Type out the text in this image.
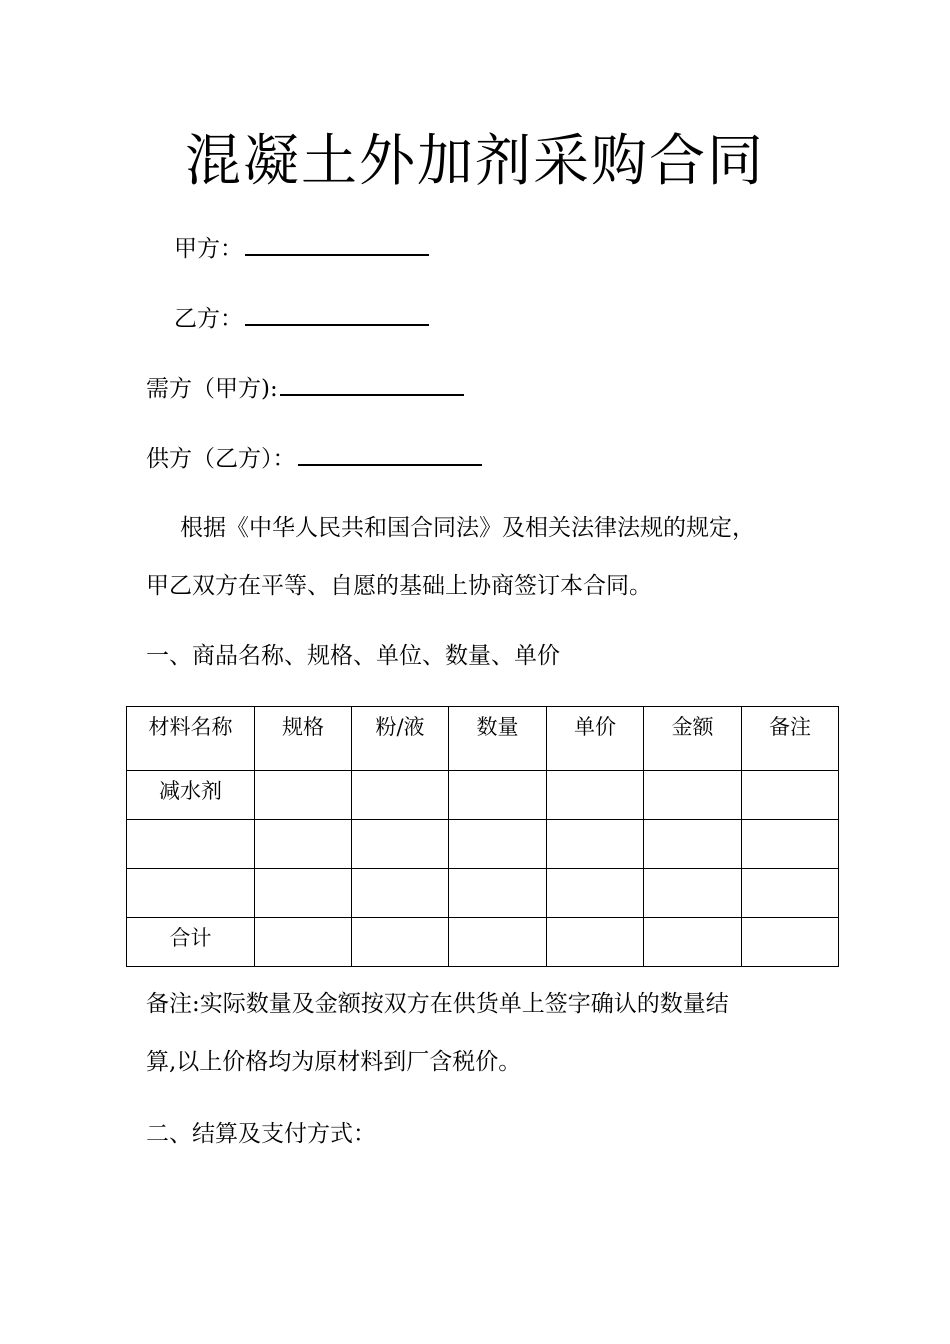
混凝土外加剂采购合同

甲方：

乙方：

需方（甲方):

供方（乙方）：

根据《中华人民共和国合同法》及相关法律法规的规定，

甲乙双方在平等、自愿的基础上协商签订本合同。

一、商品名称、规格、单位、数量、单价

材料名称	规格	粉/液	数量	单价	金额	备注
减水剂						

合计						

备注:实际数量及金额按双方在供货单上签字确认的数量结

算,以上价格均为原材料到厂含税价。

二、结算及支付方式：
